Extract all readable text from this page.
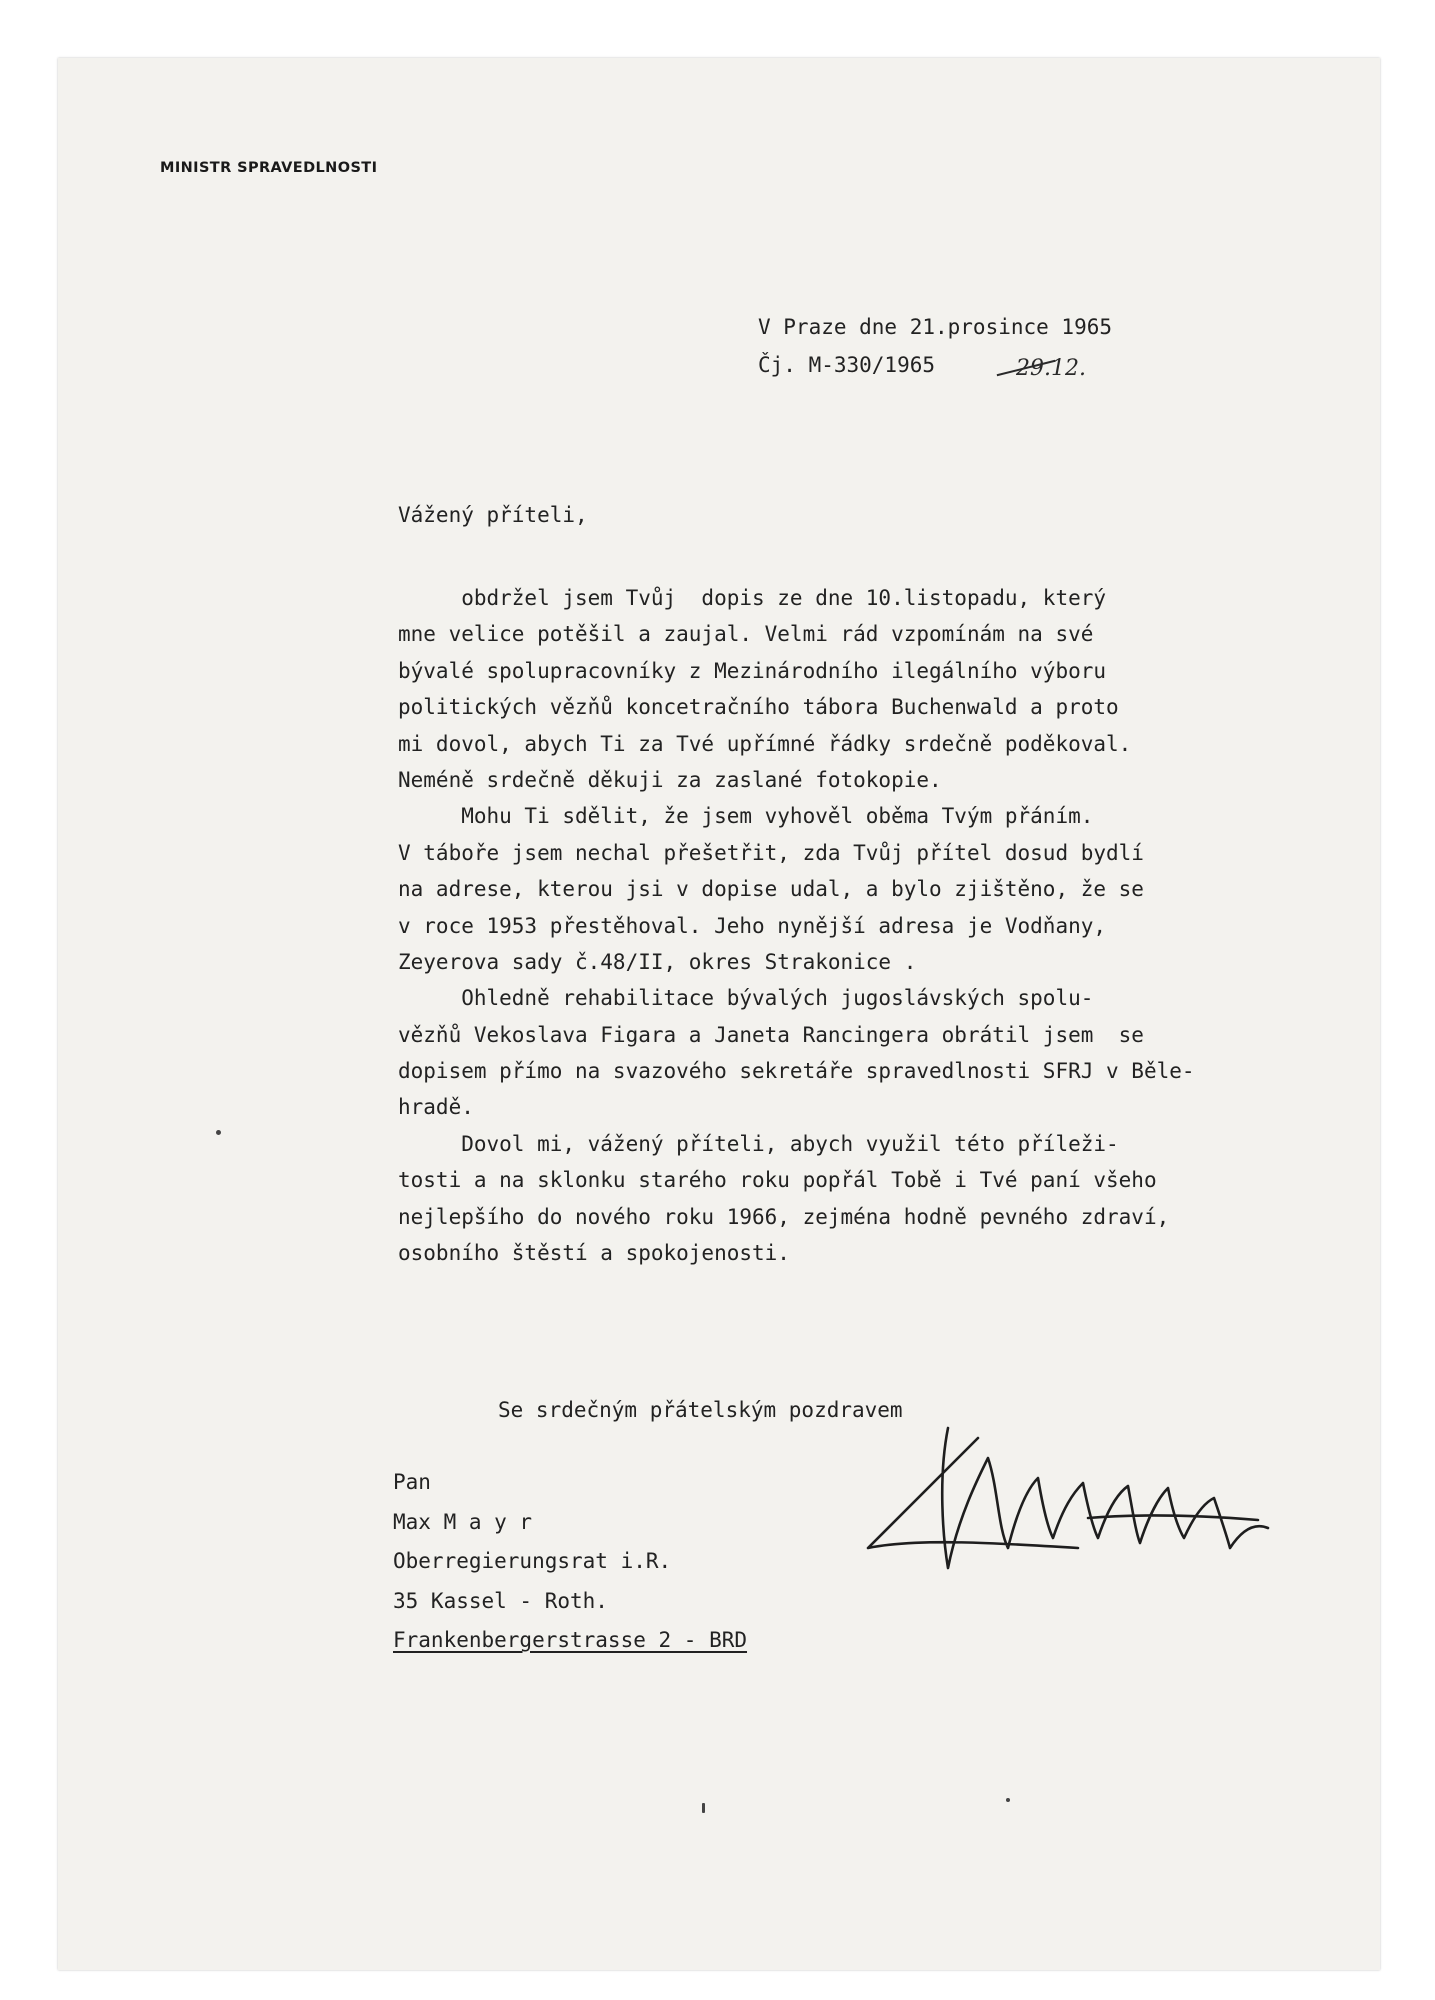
MINISTR SPRAVEDLNOSTI
V Praze dne 21.prosince 1965
Čj. M-330/1965	29.12.
Vážený příteli,
obdržel jsem Tvůj  dopis ze dne 10.listopadu, který
mne velice potěšil a zaujal. Velmi rád vzpomínám na své
bývalé spolupracovníky z Mezinárodního ilegálního výboru
politických vězňů koncetračního tábora Buchenwald a proto
mi dovol, abych Ti za Tvé upřímné řádky srdečně poděkoval.
Neméně srdečně děkuji za zaslané fotokopie.
Mohu Ti sdělit, že jsem vyhověl oběma Tvým přáním.
V táboře jsem nechal přešetřit, zda Tvůj přítel dosud bydlí
na adrese, kterou jsi v dopise udal, a bylo zjištěno, že se
v roce 1953 přestěhoval. Jeho nynější adresa je Vodňany,
Zeyerova sady č.48/II, okres Strakonice .
Ohledně rehabilitace bývalých jugoslávských spolu-
vězňů Vekoslava Figara a Janeta Rancingera obrátil jsem  se
dopisem přímo na svazového sekretáře spravedlnosti SFRJ v Běle-
hradě.
Dovol mi, vážený příteli, abych využil této příleži-
tosti a na sklonku starého roku popřál Tobě i Tvé paní všeho
nejlepšího do nového roku 1966, zejména hodně pevného zdraví,
osobního štěstí a spokojenosti.
Se srdečným přátelským pozdravem
Pan
Max M a y r
Oberregierungsrat i.R.
35 Kassel - Roth.
Frankenbergerstrasse 2 - BRD
